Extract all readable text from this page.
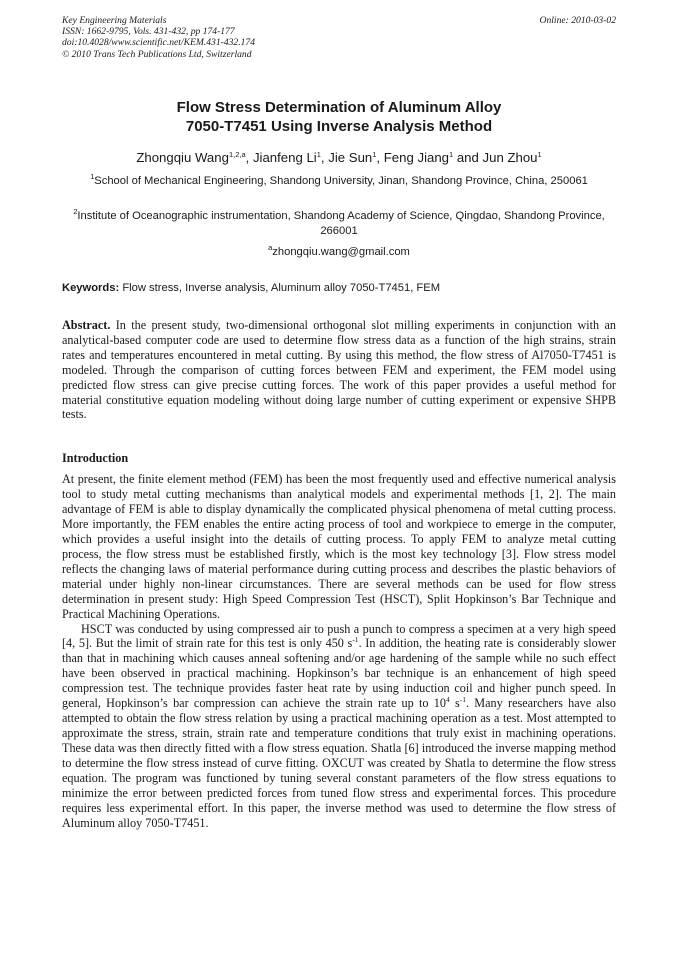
Key Engineering Materials
ISSN: 1662-9795, Vols. 431-432, pp 174-177
doi:10.4028/www.scientific.net/KEM.431-432.174
© 2010 Trans Tech Publications Ltd, Switzerland
Online: 2010-03-02
Flow Stress Determination of Aluminum Alloy
7050-T7451 Using Inverse Analysis Method
Zhongqiu Wang$^{1,2,a}$, Jianfeng Li$^1$, Jie Sun$^1$, Feng Jiang$^1$ and Jun Zhou$^1$
$^1$School of Mechanical Engineering, Shandong University, Jinan, Shandong Province, China, 250061
$^2$Institute of Oceanographic instrumentation, Shandong Academy of Science, Qingdao, Shandong Province, 266001
$^a$zhongqiu.wang@gmail.com
Keywords: Flow stress, Inverse analysis, Aluminum alloy 7050-T7451, FEM
Abstract. In the present study, two-dimensional orthogonal slot milling experiments in conjunction with an analytical-based computer code are used to determine flow stress data as a function of the high strains, strain rates and temperatures encountered in metal cutting. By using this method, the flow stress of Al7050-T7451 is modeled. Through the comparison of cutting forces between FEM and experiment, the FEM model using predicted flow stress can give precise cutting forces. The work of this paper provides a useful method for material constitutive equation modeling without doing large number of cutting experiment or expensive SHPB tests.
Introduction

At present, the finite element method (FEM) has been the most frequently used and effective numerical analysis tool to study metal cutting mechanisms than analytical models and experimental methods [1, 2]. The main advantage of FEM is able to display dynamically the complicated physical phenomena of metal cutting process. More importantly, the FEM enables the entire acting process of tool and workpiece to emerge in the computer, which provides a useful insight into the details of cutting process. To apply FEM to analyze metal cutting process, the flow stress must be established firstly, which is the most key technology [3]. Flow stress model reflects the changing laws of material performance during cutting process and describes the plastic behaviors of material under highly non-linear circumstances. There are several methods can be used for flow stress determination in present study: High Speed Compression Test (HSCT), Split Hopkinson’s Bar Technique and Practical Machining Operations.

HSCT was conducted by using compressed air to push a punch to compress a specimen at a very high speed [4, 5]. But the limit of strain rate for this test is only 450 $s^{-1}$. In addition, the heating rate is considerably slower than that in machining which causes anneal softening and/or age hardening of the sample while no such effect have been observed in practical machining. Hopkinson’s bar technique is an enhancement of high speed compression test. The technique provides faster heat rate by using induction coil and higher punch speed. In general, Hopkinson’s bar compression can achieve the strain rate up to $10^4$ $s^{-1}$. Many researchers have also attempted to obtain the flow stress relation by using a practical machining operation as a test. Most attempted to approximate the stress, strain, strain rate and temperature conditions that truly exist in machining operations. These data was then directly fitted with a flow stress equation. Shatla [6] introduced the inverse mapping method to determine the flow stress instead of curve fitting. OXCUT was created by Shatla to determine the flow stress equation. The program was functioned by tuning several constant parameters of the flow stress equations to minimize the error between predicted forces from tuned flow stress and experimental forces. This procedure requires less experimental effort. In this paper, the inverse method was used to determine the flow stress of Aluminum alloy 7050-T7451.
